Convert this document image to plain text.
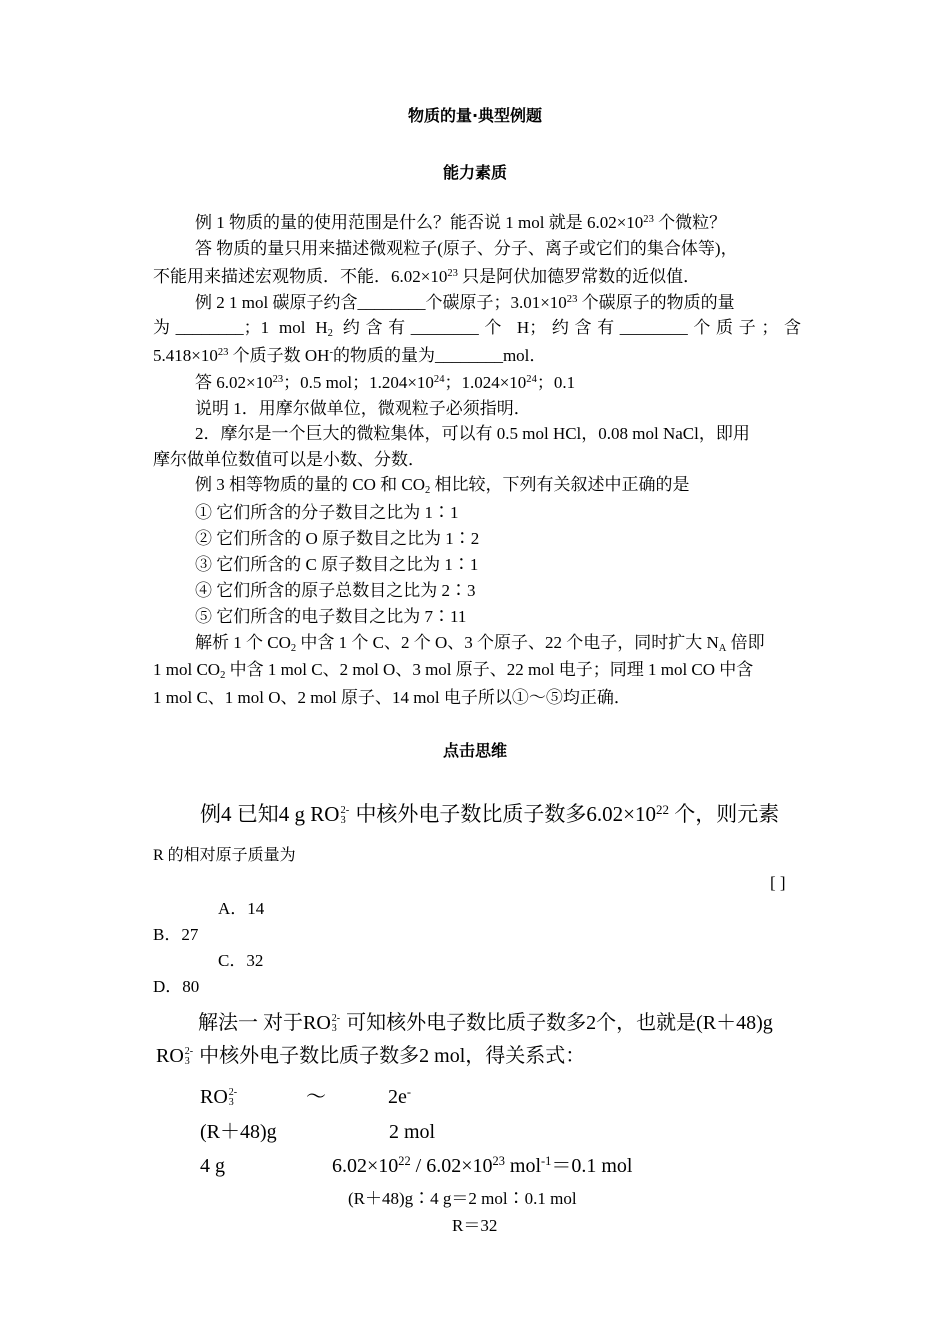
物质的量·典型例题
能力素质
例 1 物质的量的使用范围是什么？能否说 1 mol 就是 $6.02\times 10^{23}$ 个微粒？
答 物质的量只用来描述微观粒子(原子、分子、离子或它们的集合体等)，
不能用来描述宏观物质．不能．$6.02\times 10^{23}$ 只是阿伏加德罗常数的近似值．
例 2 1 mol 碳原子约含________个碳原子；$3.01\times 10^{23}$ 个碳原子的物质的量
为________；1 mol $H_2$ 约含有________个 H；约含有________个质子；含
$5.418\times 10^{23}$ 个质子数 OH-的物质的量为________mol．
答 $6.02\times 10^{23}$；0.5 mol；$1.204\times 10^{24}$；$1.024\times 10^{24}$；0.1
说明 1．用摩尔做单位，微观粒子必须指明．
2．摩尔是一个巨大的微粒集体，可以有 0.5 mol HCl，0.08 mol NaCl，即用
摩尔做单位数值可以是小数、分数．
例 3 相等物质的量的 CO 和 $CO_2$ 相比较，下列有关叙述中正确的是
① 它们所含的分子数目之比为 1∶1
② 它们所含的 O 原子数目之比为 1∶2
③ 它们所含的 C 原子数目之比为 1∶1
④ 它们所含的原子总数目之比为 2∶3
⑤ 它们所含的电子数目之比为 7∶11
解析 1 个 $CO_2$ 中含 1 个 C、2 个 O、3 个原子、22 个电子，同时扩大 $N_A$ 倍即
1 mol $CO_2$ 中含 1 mol C、2 mol O、3 mol 原子、22 mol 电子；同理 1 mol CO 中含
1 mol C、1 mol O、2 mol 原子、14 mol 电子所以①～⑤均正确．
点击思维
例4 已知4 g RO 2-
3 中核外电子数比质子数多$6.02\times 10^{22}$ 个，则元素
R 的相对原子质量为
[ ]
A．14
B．27
C．32
D．80
解法一 对于RO 2-
3 可知核外电子数比质子数多2个，也就是(R＋48)g
RO 2-
3 中核外电子数比质子数多2 mol，得关系式：
RO 2-
3	～	2e-
(R＋48)g	2 mol
4 g	$6.02\times 10^{22} / 6.02\times 10^{23}$ mol$^{-1}$＝0.1 mol
(R＋48)g∶4 g＝2 mol∶0.1 mol
R＝32
